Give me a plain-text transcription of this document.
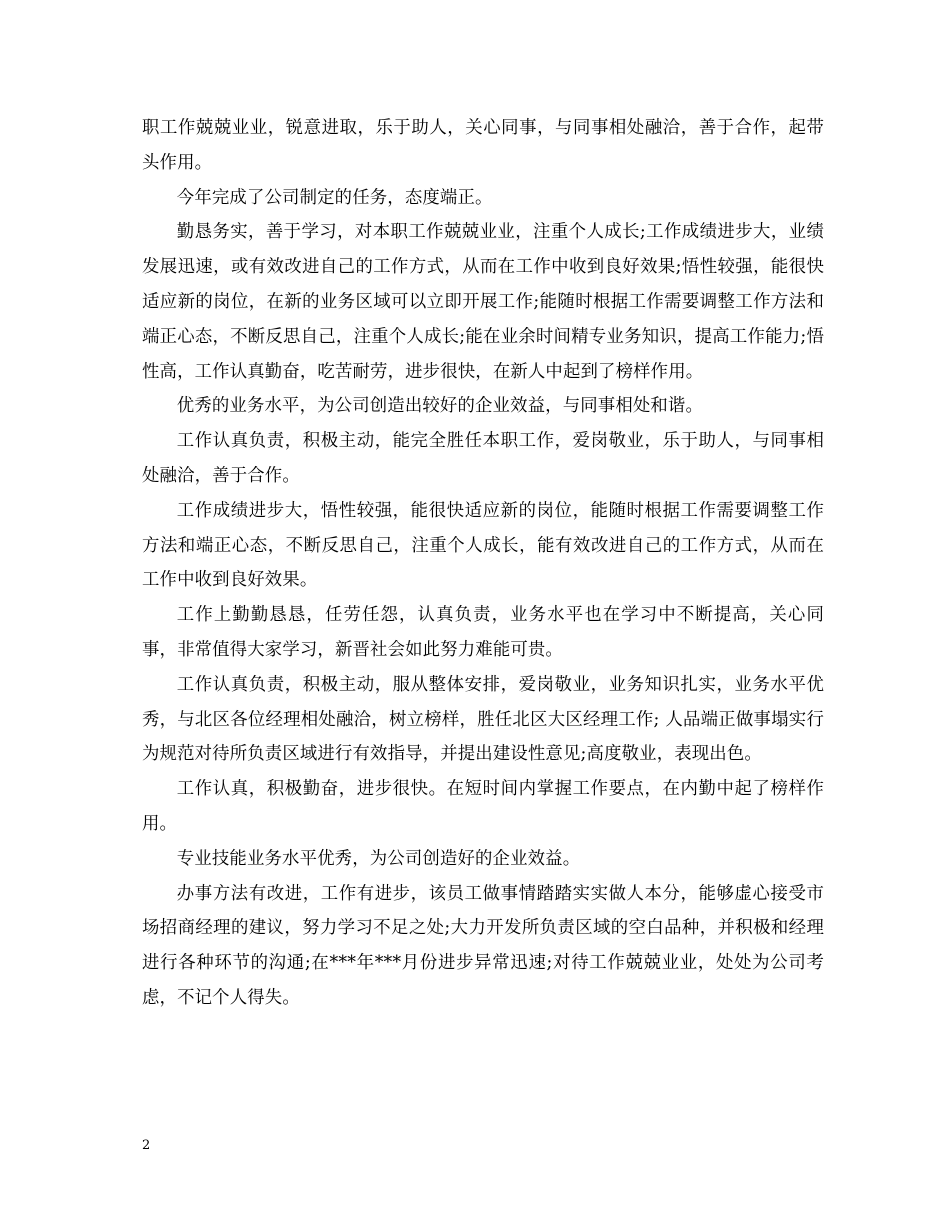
职工作兢兢业业，锐意进取，乐于助人，关心同事，与同事相处融洽，善于合作，起带头作用。

今年完成了公司制定的任务，态度端正。

勤恳务实，善于学习，对本职工作兢兢业业，注重个人成长;工作成绩进步大，业绩发展迅速，或有效改进自己的工作方式，从而在工作中收到良好效果;悟性较强，能很快适应新的岗位，在新的业务区域可以立即开展工作;能随时根据工作需要调整工作方法和端正心态，不断反思自己，注重个人成长;能在业余时间精专业务知识，提高工作能力;悟性高，工作认真勤奋，吃苦耐劳，进步很快，在新人中起到了榜样作用。

优秀的业务水平，为公司创造出较好的企业效益，与同事相处和谐。

工作认真负责，积极主动，能完全胜任本职工作，爱岗敬业，乐于助人，与同事相处融洽，善于合作。

工作成绩进步大，悟性较强，能很快适应新的岗位，能随时根据工作需要调整工作方法和端正心态，不断反思自己，注重个人成长，能有效改进自己的工作方式，从而在工作中收到良好效果。

工作上勤勤恳恳，任劳任怨，认真负责，业务水平也在学习中不断提高，关心同事，非常值得大家学习，新晋社会如此努力难能可贵。

工作认真负责，积极主动，服从整体安排，爱岗敬业，业务知识扎实，业务水平优秀，与北区各位经理相处融洽，树立榜样，胜任北区大区经理工作; 人品端正做事塌实行为规范对待所负责区域进行有效指导，并提出建设性意见;高度敬业，表现出色。

工作认真，积极勤奋，进步很快。在短时间内掌握工作要点，在内勤中起了榜样作用。

专业技能业务水平优秀，为公司创造好的企业效益。

办事方法有改进，工作有进步，该员工做事情踏踏实实做人本分，能够虚心接受市场招商经理的建议，努力学习不足之处;大力开发所负责区域的空白品种，并积极和经理进行各种环节的沟通;在***年***月份进步异常迅速;对待工作兢兢业业，处处为公司考虑，不记个人得失。

2
